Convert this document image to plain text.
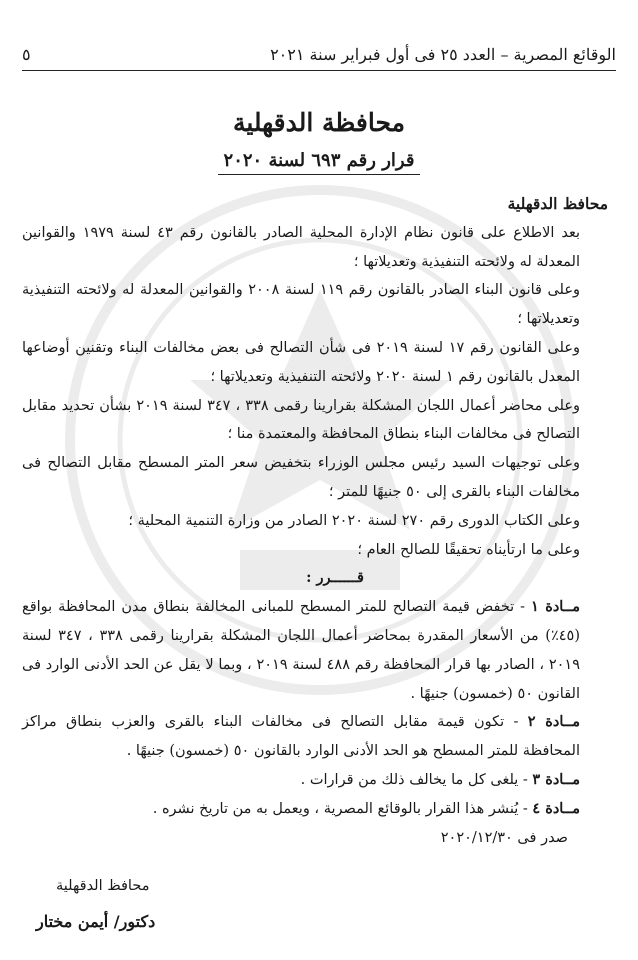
الوقائع المصرية – العدد ٢٥ فى أول فبراير سنة ٢٠٢١
٥
محافظة الدقهلية
قرار رقم ٦٩٣ لسنة ٢٠٢٠

محافظ الدقهلية

بعد الاطلاع على قانون نظام الإدارة المحلية الصادر بالقانون رقم ٤٣ لسنة ١٩٧٩ والقوانين المعدلة له ولائحته التنفيذية وتعديلاتها ؛

وعلى قانون البناء الصادر بالقانون رقم ١١٩ لسنة ٢٠٠٨ والقوانين المعدلة له ولائحته التنفيذية وتعديلاتها ؛

وعلى القانون رقم ١٧ لسنة ٢٠١٩ فى شأن التصالح فى بعض مخالفات البناء وتقنين أوضاعها المعدل بالقانون رقم ١ لسنة ٢٠٢٠ ولائحته التنفيذية وتعديلاتها ؛

وعلى محاضر أعمال اللجان المشكلة بقرارينا رقمى ٣٣٨ ، ٣٤٧ لسنة ٢٠١٩ بشأن تحديد مقابل التصالح فى مخالفات البناء بنطاق المحافظة والمعتمدة منا ؛

وعلى توجيهات السيد رئيس مجلس الوزراء بتخفيض سعر المتر المسطح مقابل التصالح فى مخالفات البناء بالقرى إلى ٥٠ جنيهًا للمتر ؛

وعلى الكتاب الدورى رقم ٢٧٠ لسنة ٢٠٢٠ الصادر من وزارة التنمية المحلية ؛

وعلى ما ارتأيناه تحقيقًا للصالح العام ؛

قــــــرر :

مــادة ١ - تخفض قيمة التصالح للمتر المسطح للمبانى المخالفة بنطاق مدن المحافظة بواقع (٤٥٪) من الأسعار المقدرة بمحاضر أعمال اللجان المشكلة بقرارينا رقمى ٣٣٨ ، ٣٤٧ لسنة ٢٠١٩ ، الصادر بها قرار المحافظة رقم ٤٨٨ لسنة ٢٠١٩ ، وبما لا يقل عن الحد الأدنى الوارد فى القانون ٥٠ (خمسون) جنيهًا .

مــادة ٢ - تكون قيمة مقابل التصالح فى مخالفات البناء بالقرى والعزب بنطاق مراكز المحافظة للمتر المسطح هو الحد الأدنى الوارد بالقانون ٥٠ (خمسون) جنيهًا .

مــادة ٣ - يلغى كل ما يخالف ذلك من قرارات .

مــادة ٤ - يُنشر هذا القرار بالوقائع المصرية ، ويعمل به من تاريخ نشره .

صدر فى ٢٠٢٠/١٢/٣٠

محافظ الدقهلية
دكتور/ أيمن مختار
